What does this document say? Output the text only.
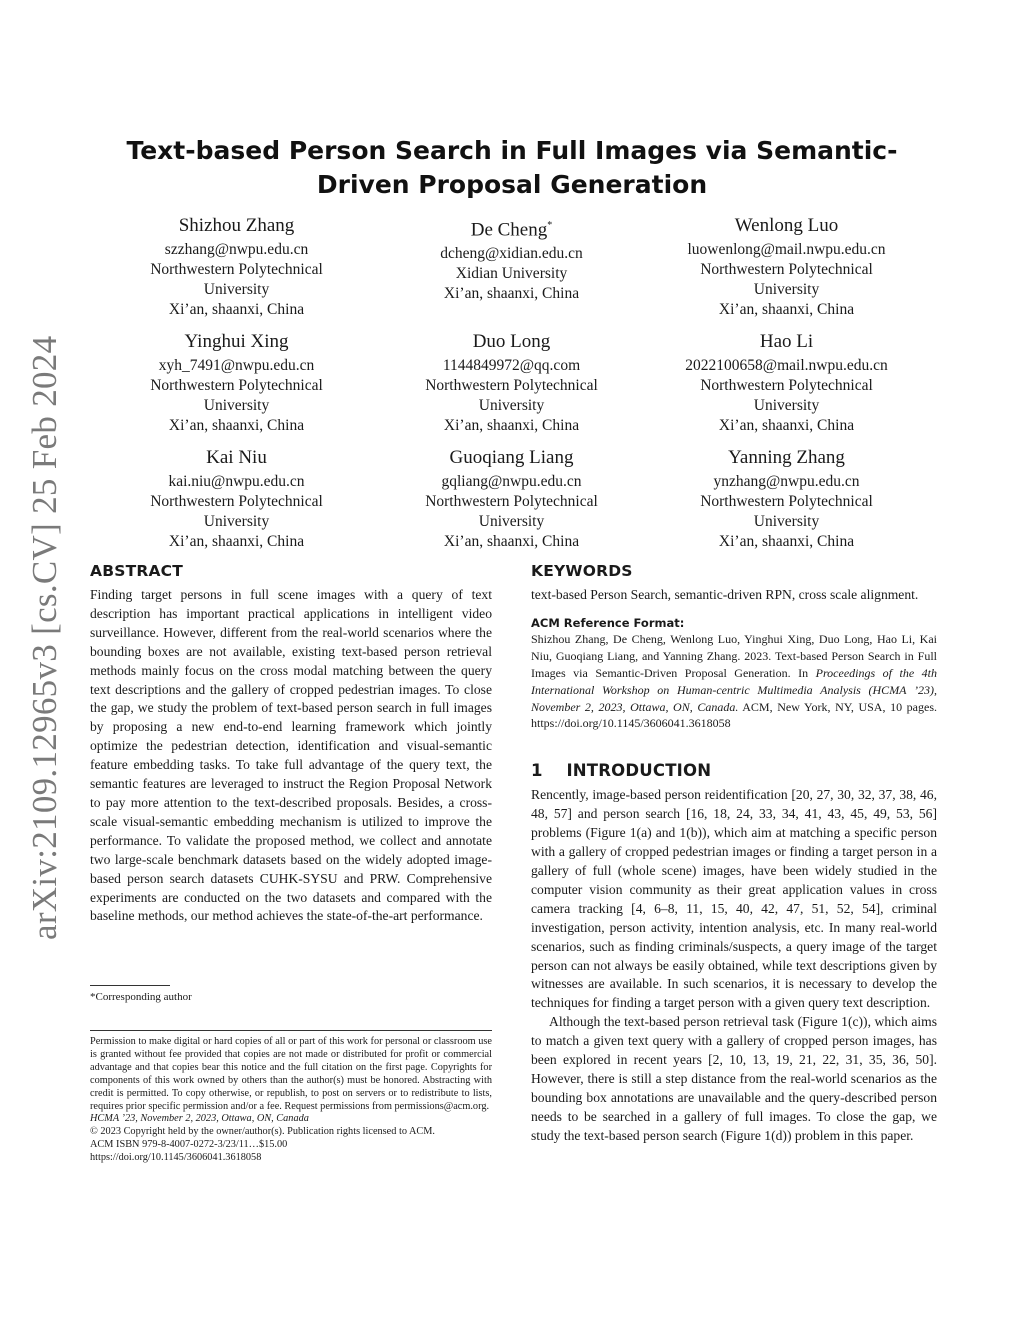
arXiv:2109.12965v3 [cs.CV] 25 Feb 2024
Text-based Person Search in Full Images via Semantic-Driven Proposal Generation
Shizhou Zhang
szzhang@nwpu.edu.cn
Northwestern Polytechnical
University
Xi’an, shaanxi, China
De Cheng*
dcheng@xidian.edu.cn
Xidian University
Xi’an, shaanxi, China
Wenlong Luo
luowenlong@mail.nwpu.edu.cn
Northwestern Polytechnical
University
Xi’an, shaanxi, China
Yinghui Xing
xyh_7491@nwpu.edu.cn
Northwestern Polytechnical
University
Xi’an, shaanxi, China
Duo Long
1144849972@qq.com
Northwestern Polytechnical
University
Xi’an, shaanxi, China
Hao Li
2022100658@mail.nwpu.edu.cn
Northwestern Polytechnical
University
Xi’an, shaanxi, China
Kai Niu
kai.niu@nwpu.edu.cn
Northwestern Polytechnical
University
Xi’an, shaanxi, China
Guoqiang Liang
gqliang@nwpu.edu.cn
Northwestern Polytechnical
University
Xi’an, shaanxi, China
Yanning Zhang
ynzhang@nwpu.edu.cn
Northwestern Polytechnical
University
Xi’an, shaanxi, China
ABSTRACT

Finding target persons in full scene images with a query of text description has important practical applications in intelligent video surveillance. However, different from the real-world scenarios where the bounding boxes are not available, existing text-based person retrieval methods mainly focus on the cross modal matching between the query text descriptions and the gallery of cropped pedestrian images. To close the gap, we study the problem of text-based person search in full images by proposing a new end-to-end learning framework which jointly optimize the pedestrian detection, identification and visual-semantic feature embedding tasks. To take full advantage of the query text, the semantic features are leveraged to instruct the Region Proposal Network to pay more attention to the text-described proposals. Besides, a cross-scale visual-semantic embedding mechanism is utilized to improve the performance. To validate the proposed method, we collect and annotate two large-scale benchmark datasets based on the widely adopted image-based person search datasets CUHK-SYSU and PRW. Comprehensive experiments are conducted on the two datasets and compared with the baseline methods, our method achieves the state-of-the-art performance.

*Corresponding author

Permission to make digital or hard copies of all or part of this work for personal or classroom use is granted without fee provided that copies are not made or distributed for profit or commercial advantage and that copies bear this notice and the full citation on the first page. Copyrights for components of this work owned by others than the author(s) must be honored. Abstracting with credit is permitted. To copy otherwise, or republish, to post on servers or to redistribute to lists, requires prior specific permission and/or a fee. Request permissions from permissions@acm.org.

HCMA ’23, November 2, 2023, Ottawa, ON, Canada
© 2023 Copyright held by the owner/author(s). Publication rights licensed to ACM.
ACM ISBN 979-8-4007-0272-3/23/11…$15.00
https://doi.org/10.1145/3606041.3618058
KEYWORDS

text-based Person Search, semantic-driven RPN, cross scale alignment.

ACM Reference Format:

Shizhou Zhang, De Cheng, Wenlong Luo, Yinghui Xing, Duo Long, Hao Li, Kai Niu, Guoqiang Liang, and Yanning Zhang. 2023. Text-based Person Search in Full Images via Semantic-Driven Proposal Generation. In Proceedings of the 4th International Workshop on Human-centric Multimedia Analysis (HCMA ’23), November 2, 2023, Ottawa, ON, Canada. ACM, New York, NY, USA, 10 pages. https://doi.org/10.1145/3606041.3618058

1    INTRODUCTION

Rencently, image-based person reidentification [20, 27, 30, 32, 37, 38, 46, 48, 57] and person search [16, 18, 24, 33, 34, 41, 43, 45, 49, 53, 56] problems (Figure 1(a) and 1(b)), which aim at matching a specific person with a gallery of cropped pedestrian images or finding a target person in a gallery of full (whole scene) images, have been widely studied in the computer vision community as their great application values in cross camera tracking [4, 6–8, 11, 15, 40, 42, 47, 51, 52, 54], criminal investigation, person activity, intention analysis, etc. In many real-world scenarios, such as finding criminals/suspects, a query image of the target person can not always be easily obtained, while text descriptions given by witnesses are available. In such scenarios, it is necessary to develop the techniques for finding a target person with a given query text description.

Although the text-based person retrieval task (Figure 1(c)), which aims to match a given text query with a gallery of cropped person images, has been explored in recent years [2, 10, 13, 19, 21, 22, 31, 35, 36, 50]. However, there is still a step distance from the real-world scenarios as the bounding box annotations are unavailable and the query-described person needs to be searched in a gallery of full images. To close the gap, we study the text-based person search (Figure 1(d)) problem in this paper.
